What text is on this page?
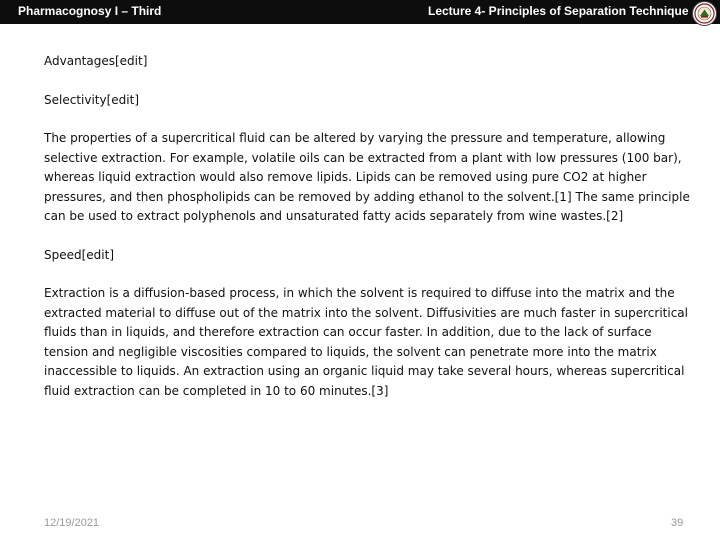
Pharmacognosy I – Third	Lecture 4- Principles of Separation Technique

Advantages[edit]

Selectivity[edit]

The properties of a supercritical fluid can be altered by varying the pressure and temperature, allowing selective extraction. For example, volatile oils can be extracted from a plant with low pressures (100 bar), whereas liquid extraction would also remove lipids. Lipids can be removed using pure CO2 at higher pressures, and then phospholipids can be removed by adding ethanol to the solvent.[1] The same principle can be used to extract polyphenols and unsaturated fatty acids separately from wine wastes.[2]

Speed[edit]

Extraction is a diffusion-based process, in which the solvent is required to diffuse into the matrix and the extracted material to diffuse out of the matrix into the solvent. Diffusivities are much faster in supercritical fluids than in liquids, and therefore extraction can occur faster. In addition, due to the lack of surface tension and negligible viscosities compared to liquids, the solvent can penetrate more into the matrix inaccessible to liquids. An extraction using an organic liquid may take several hours, whereas supercritical fluid extraction can be completed in 10 to 60 minutes.[3]

12/19/2021	39
